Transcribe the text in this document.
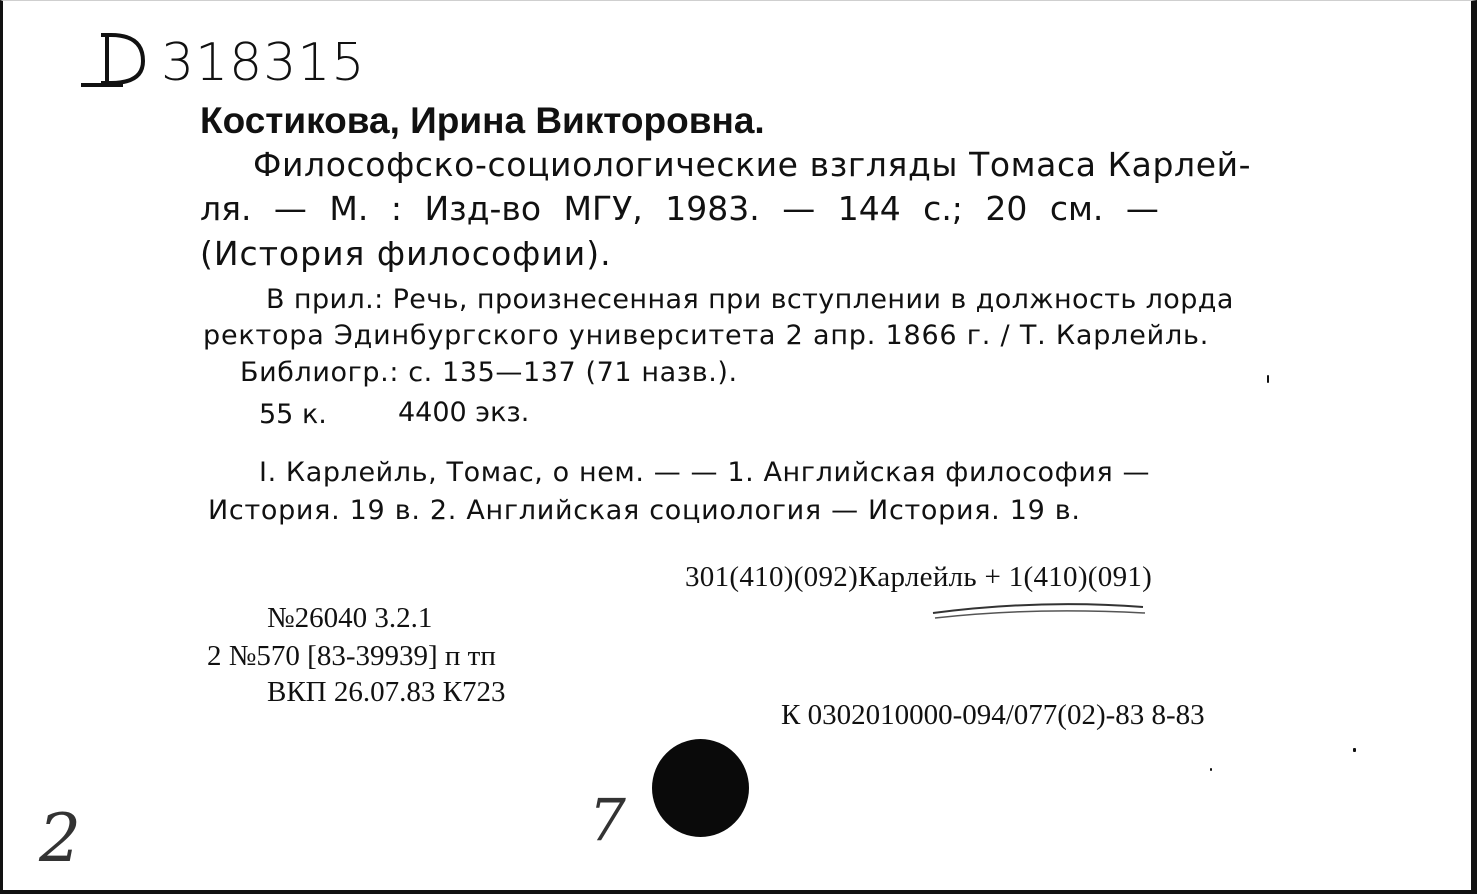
318315

Костикова, Ирина Викторовна.

Философско-социологические взгляды Томаса Карлей-

ля. — М. : Изд-во МГУ, 1983. — 144 с.; 20 см. —

(История философии).

В прил.: Речь, произнесенная при вступлении в должность лорда

ректора Эдинбургского университета 2 апр. 1866 г. / Т. Карлейль.

Библиогр.: с. 135—137 (71 назв.).

55 к.	4400 экз.

I. Карлейль, Томас, о нем. — — 1. Английская философия —

История. 19 в. 2. Английская социология — История. 19 в.

301(410)(092)Карлейль + 1(410)(091)

№26040 3.2.1

2 №570 [83-39939] п тп

ВКП 26.07.83 К723

К 0302010000-094/077(02)-83 8-83

2	7
